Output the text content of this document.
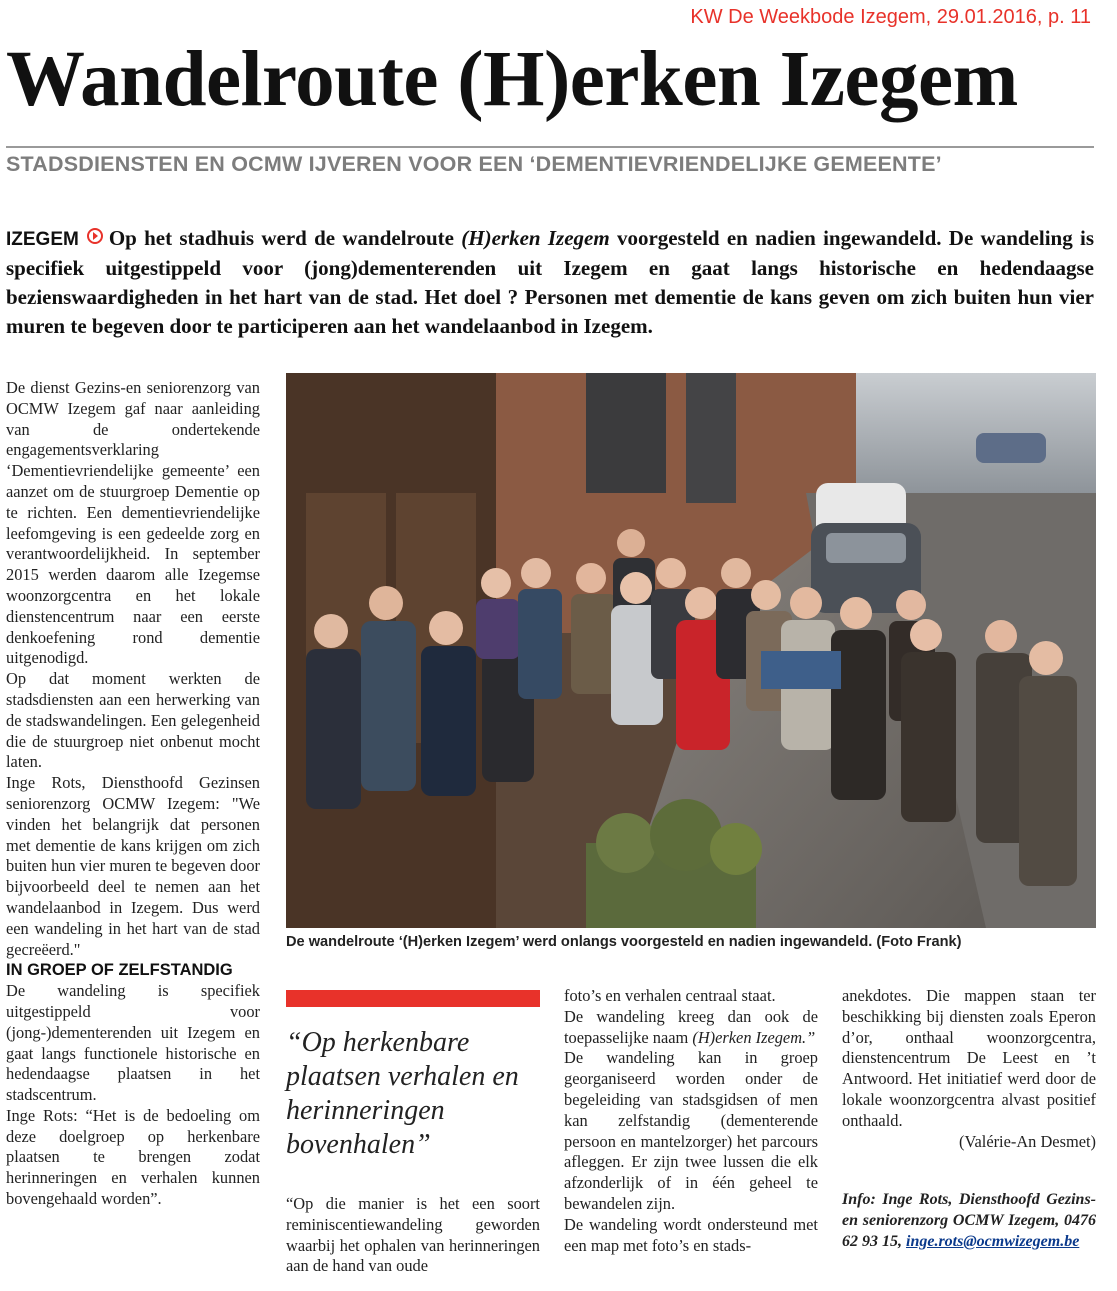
KW De Weekbode Izegem, 29.01.2016, p. 11
Wandelroute (H)erken Izegem
STADSDIENSTEN EN OCMW IJVEREN VOOR EEN ‘DEMENTIEVRIENDELIJKE GEMEENTE’
IZEGEM Op het stadhuis werd de wandelroute (H)erken Izegem voorgesteld en nadien ingewandeld. De wandeling is specifiek uitgestippeld voor (jong)dementerenden uit Izegem en gaat langs historische en hedendaagse bezienswaardigheden in het hart van de stad. Het doel ? Personen met dementie de kans geven om zich buiten hun vier muren te begeven door te participeren aan het wandelaanbod in Izegem.

De dienst Gezins-en seniorenzorg van OCMW Izegem gaf naar aanleiding van de ondertekende engagementsverklaring ‘Dementievriendelijke gemeente’ een aanzet om de stuurgroep Dementie op te richten. Een dementievriendelijke leefomgeving is een gedeelde zorg en verantwoordelijkheid. In september 2015 werden daarom alle Izegemse woonzorgcentra en het lokale dienstencentrum naar een eerste denkoefening rond dementie uitgenodigd.

Op dat moment werkten de stadsdiensten aan een herwerking van de stadswandelingen. Een gelegenheid die de stuurgroep niet onbenut mocht laten.

Inge Rots, Diensthoofd Gezinsen seniorenzorg OCMW Izegem: "We vinden het belangrijk dat personen met dementie de kans krijgen om zich buiten hun vier muren te begeven door bijvoorbeeld deel te nemen aan het wandelaanbod in Izegem. Dus werd een wandeling in het hart van de stad gecreëerd."

IN GROEP OF ZELFSTANDIG

De wandeling is specifiek uitgestippeld voor (jong-)dementerenden uit Izegem en gaat langs functionele historische en hedendaagse plaatsen in het stadscentrum.

Inge Rots: “Het is de bedoeling om deze doelgroep op herkenbare plaatsen te brengen zodat herinneringen en verhalen kunnen bovengehaald worden”.

De wandelroute ‘(H)erken Izegem’ werd onlangs voorgesteld en nadien ingewandeld. (Foto Frank)
“Op herkenbare plaatsen verhalen en herinneringen bovenhalen”

“Op die manier is het een soort reminiscentiewandeling geworden waarbij het ophalen van herinneringen aan de hand van oude

foto’s en verhalen centraal staat.

De wandeling kreeg dan ook de toepasselijke naam (H)erken Izegem.”

De wandeling kan in groep georganiseerd worden onder de begeleiding van stadsgidsen of men kan zelfstandig (dementerende persoon en mantelzorger) het parcours afleggen. Er zijn twee lussen die elk afzonderlijk of in één geheel te bewandelen zijn.

De wandeling wordt ondersteund met een map met foto’s en stads-

anekdotes. Die mappen staan ter beschikking bij diensten zoals Eperon d’or, onthaal woonzorgcentra, dienstencentrum De Leest en ’t Antwoord. Het initiatief werd door de lokale woonzorgcentra alvast positief onthaald.

(Valérie-An Desmet)

Info: Inge Rots, Diensthoofd Gezins-en seniorenzorg OCMW Izegem, 0476 62 93 15, inge.rots@ocmwizegem.be
